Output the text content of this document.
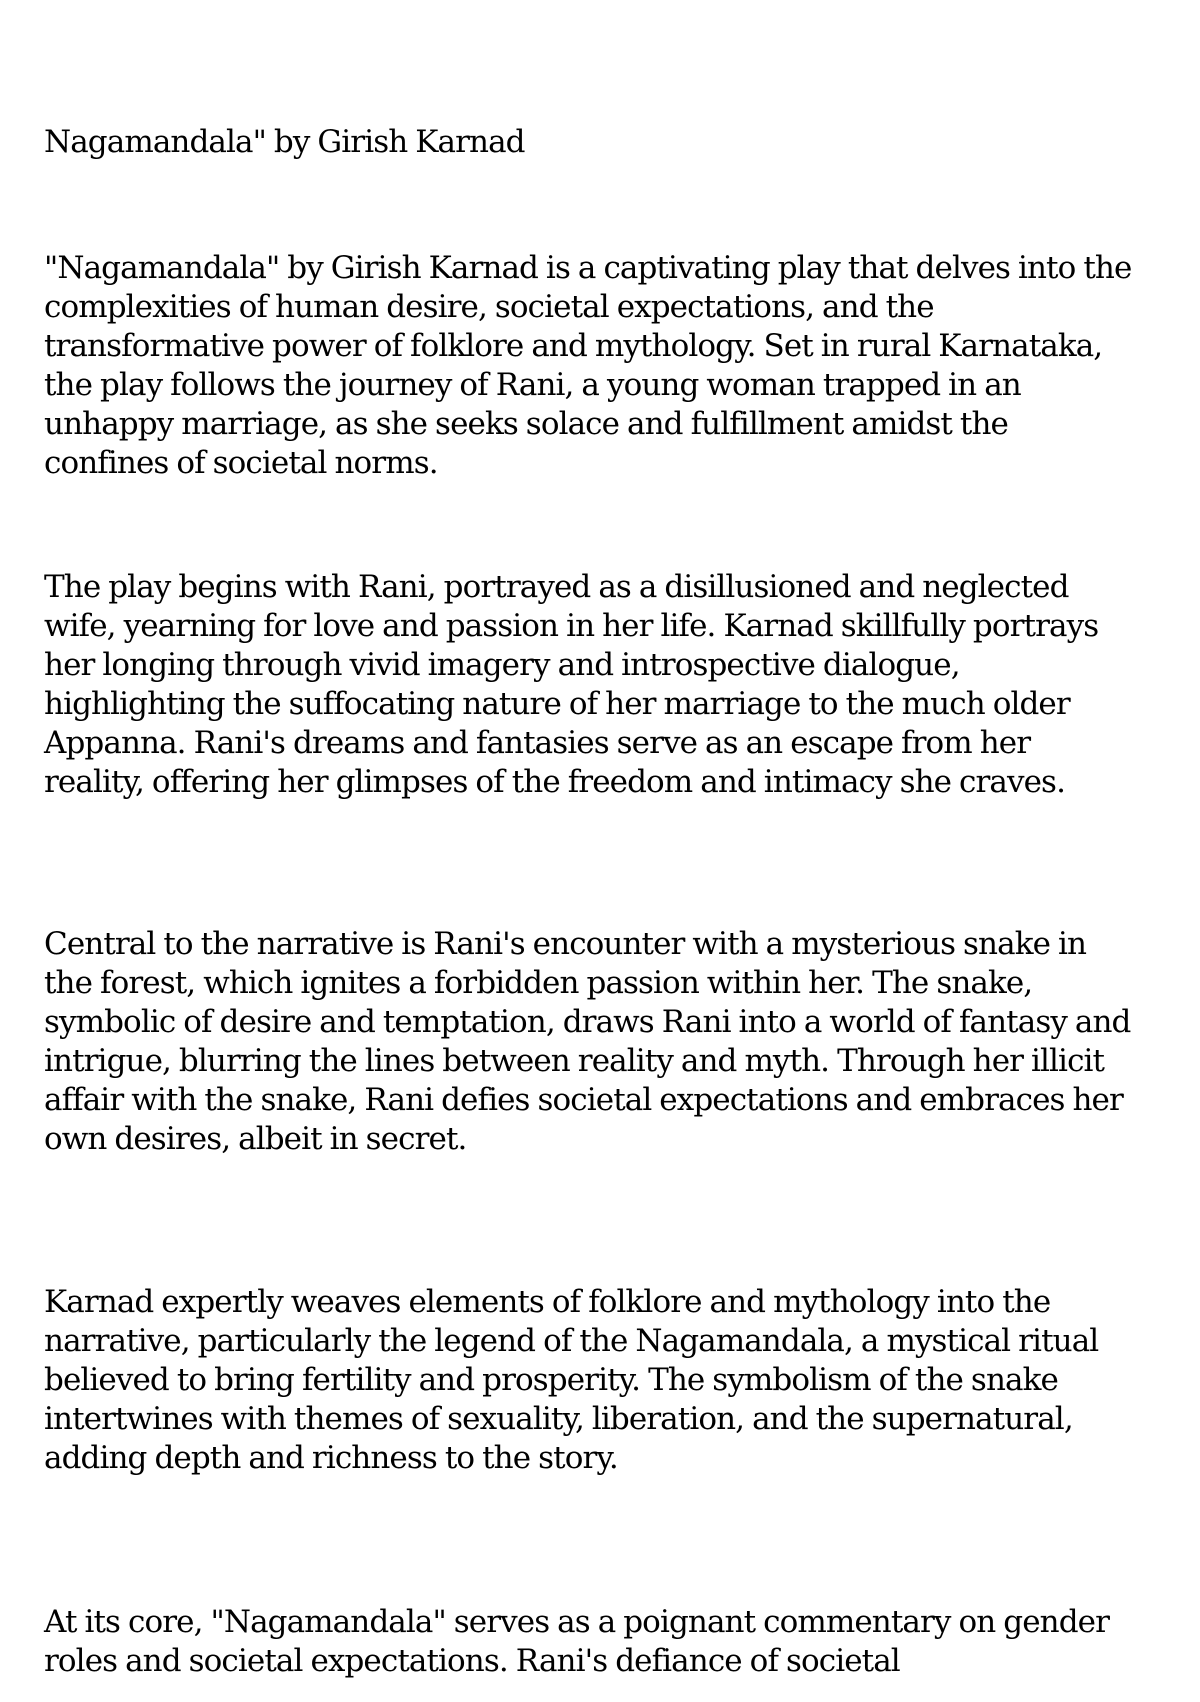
Nagamandala" by Girish Karnad

"Nagamandala" by Girish Karnad is a captivating play that delves into the complexities of human desire, societal expectations, and the transformative power of folklore and mythology. Set in rural Karnataka, the play follows the journey of Rani, a young woman trapped in an unhappy marriage, as she seeks solace and fulfillment amidst the confines of societal norms.

The play begins with Rani, portrayed as a disillusioned and neglected wife, yearning for love and passion in her life. Karnad skillfully portrays her longing through vivid imagery and introspective dialogue, highlighting the suffocating nature of her marriage to the much older Appanna. Rani's dreams and fantasies serve as an escape from her reality, offering her glimpses of the freedom and intimacy she craves.

Central to the narrative is Rani's encounter with a mysterious snake in the forest, which ignites a forbidden passion within her. The snake, symbolic of desire and temptation, draws Rani into a world of fantasy and intrigue, blurring the lines between reality and myth. Through her illicit affair with the snake, Rani defies societal expectations and embraces her own desires, albeit in secret.

Karnad expertly weaves elements of folklore and mythology into the narrative, particularly the legend of the Nagamandala, a mystical ritual believed to bring fertility and prosperity. The symbolism of the snake intertwines with themes of sexuality, liberation, and the supernatural, adding depth and richness to the story.

At its core, "Nagamandala" serves as a poignant commentary on gender roles and societal expectations. Rani's defiance of societal
